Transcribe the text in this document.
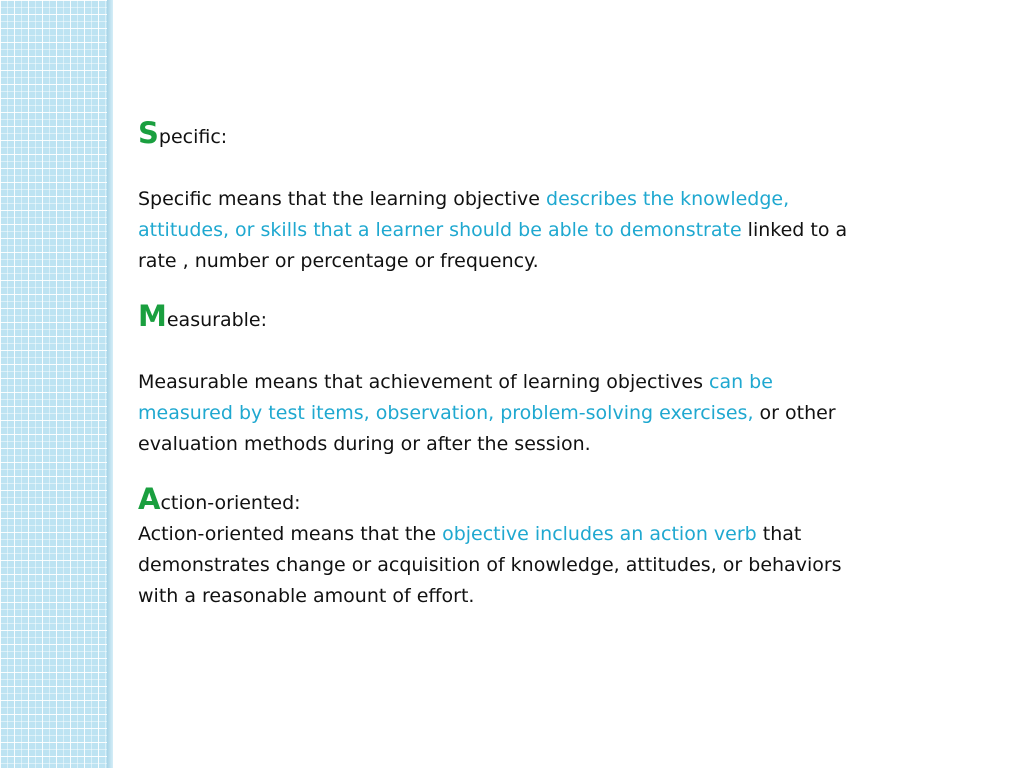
Specific:

Specific means that the learning objective describes the knowledge, attitudes, or skills that a learner should be able to demonstrate linked to a rate , number or percentage or frequency.

Measurable:

Measurable means that achievement of learning objectives can be measured by test items, observation, problem-solving exercises, or other evaluation methods during or after the session.

Action-oriented:

Action-oriented means that the objective includes an action verb that demonstrates change or acquisition of knowledge, attitudes, or behaviors with a reasonable amount of effort.
